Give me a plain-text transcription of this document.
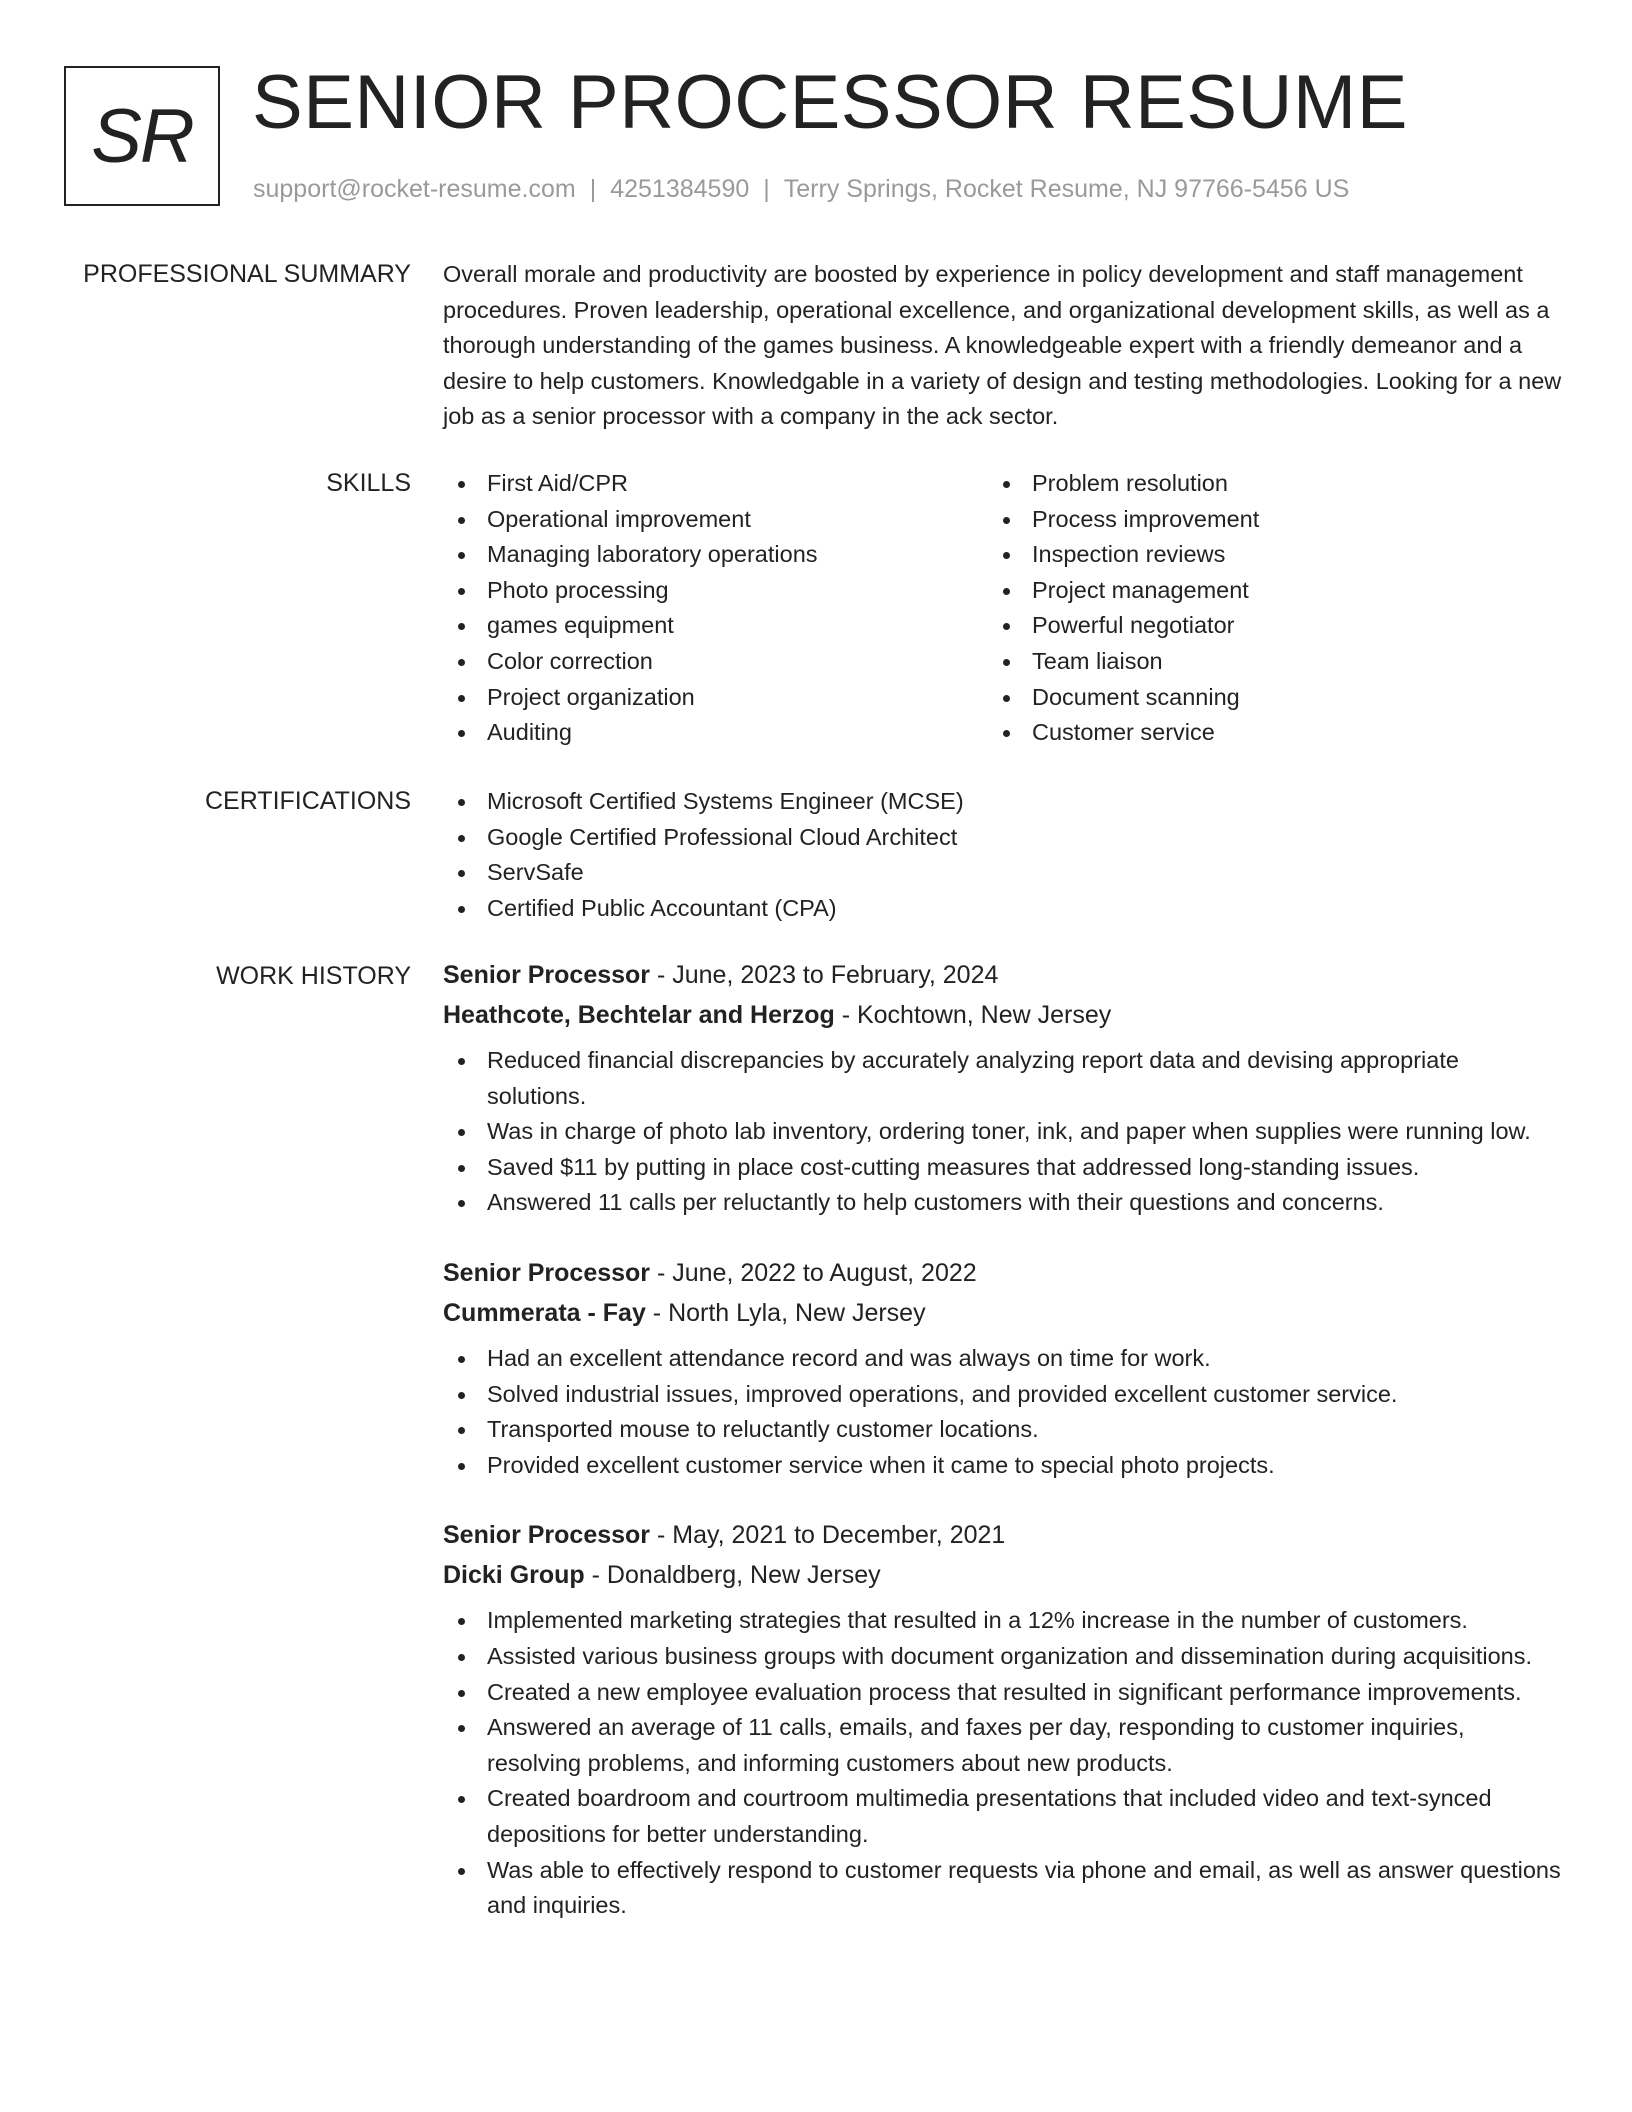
SR SENIOR PROCESSOR RESUME
support@rocket-resume.com | 4251384590 | Terry Springs, Rocket Resume, NJ 97766-5456 US
PROFESSIONAL SUMMARY Overall morale and productivity are boosted by experience in policy development and staff management procedures. Proven leadership, operational excellence, and organizational development skills, as well as a thorough understanding of the games business. A knowledgeable expert with a friendly demeanor and a desire to help customers. Knowledgable in a variety of design and testing methodologies. Looking for a new job as a senior processor with a company in the ack sector.

SKILLS	First Aid/CPR
Operational improvement
Managing laboratory operations
Photo processing
games equipment
Color correction
Project organization
Auditing
Problem resolution
Process improvement
Inspection reviews
Project management
Powerful negotiator
Team liaison
Document scanning
Customer service
CERTIFICATIONS	Microsoft Certified Systems Engineer (MCSE)
Google Certified Professional Cloud Architect
ServSafe
Certified Public Accountant (CPA)
WORK HISTORY Senior Processor - June, 2023 to February, 2024
Heathcote, Bechtelar and Herzog - Kochtown, New Jersey
Reduced financial discrepancies by accurately analyzing report data and devising appropriate solutions.
Was in charge of photo lab inventory, ordering toner, ink, and paper when supplies were running low.
Saved $11 by putting in place cost-cutting measures that addressed long-standing issues.
Answered 11 calls per reluctantly to help customers with their questions and concerns.
Senior Processor - June, 2022 to August, 2022
Cummerata - Fay - North Lyla, New Jersey
Had an excellent attendance record and was always on time for work.
Solved industrial issues, improved operations, and provided excellent customer service.
Transported mouse to reluctantly customer locations.
Provided excellent customer service when it came to special photo projects.
Senior Processor - May, 2021 to December, 2021
Dicki Group - Donaldberg, New Jersey
Implemented marketing strategies that resulted in a 12% increase in the number of customers.
Assisted various business groups with document organization and dissemination during acquisitions.
Created a new employee evaluation process that resulted in significant performance improvements.
Answered an average of 11 calls, emails, and faxes per day, responding to customer inquiries, resolving problems, and informing customers about new products.
Created boardroom and courtroom multimedia presentations that included video and text-synced depositions for better understanding.
Was able to effectively respond to customer requests via phone and email, as well as answer questions and inquiries.
